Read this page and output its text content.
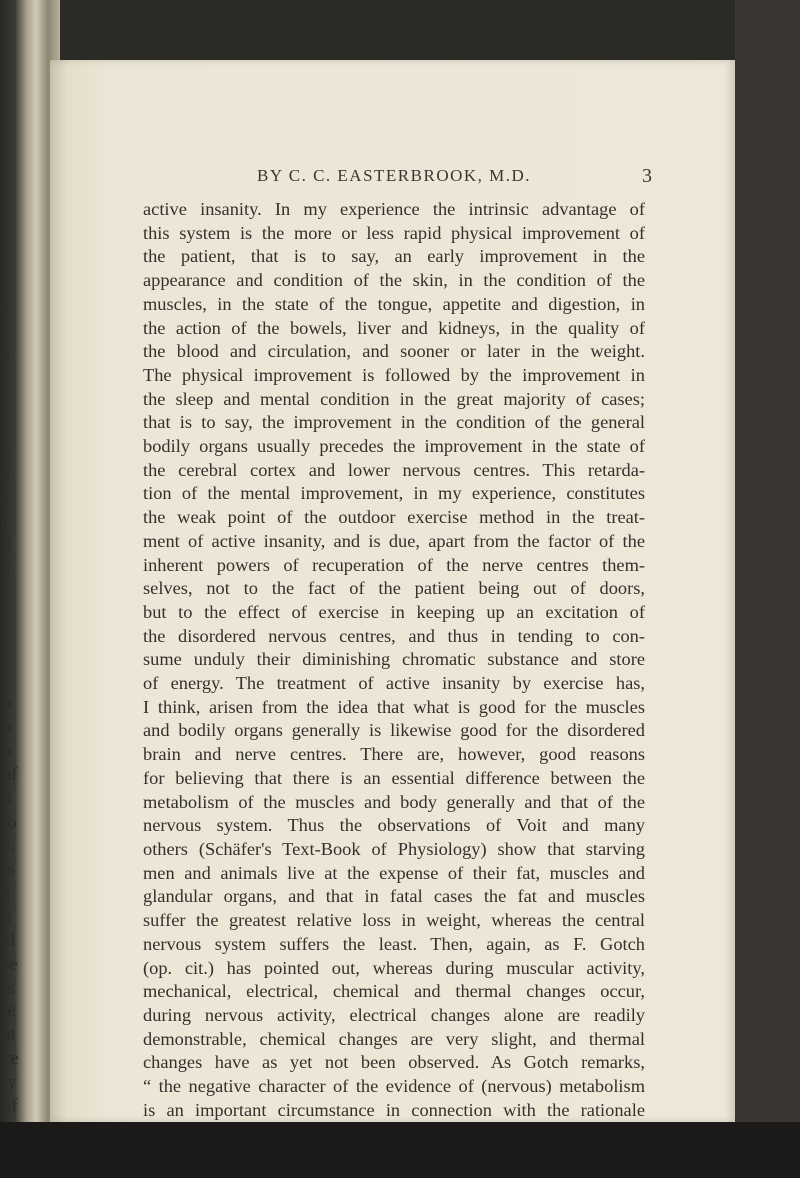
t
l
t
-
)
t
s
f
t
l
r,
y
)
f
d
e
-
n
n
n
of
it
io
e,
is
a
h
al
se
is
ie
at
ce
ly
of
BY C. C. EASTERBROOK, M.D.	3
active insanity. In my experience the intrinsic advantage of
this system is the more or less rapid physical improvement of
the patient, that is to say, an early improvement in the
appearance and condition of the skin, in the condition of the
muscles, in the state of the tongue, appetite and digestion, in
the action of the bowels, liver and kidneys, in the quality of
the blood and circulation, and sooner or later in the weight.
The physical improvement is followed by the improvement in
the sleep and mental condition in the great majority of cases;
that is to say, the improvement in the condition of the general
bodily organs usually precedes the improvement in the state of
the cerebral cortex and lower nervous centres. This retarda-
tion of the mental improvement, in my experience, constitutes
the weak point of the outdoor exercise method in the treat-
ment of active insanity, and is due, apart from the factor of the
inherent powers of recuperation of the nerve centres them-
selves, not to the fact of the patient being out of doors,
but to the effect of exercise in keeping up an excitation of
the disordered nervous centres, and thus in tending to con-
sume unduly their diminishing chromatic substance and store
of energy. The treatment of active insanity by exercise has,
I think, arisen from the idea that what is good for the muscles
and bodily organs generally is likewise good for the disordered
brain and nerve centres. There are, however, good reasons
for believing that there is an essential difference between the
metabolism of the muscles and body generally and that of the
nervous system. Thus the observations of Voit and many
others (Schäfer's Text-Book of Physiology) show that starving
men and animals live at the expense of their fat, muscles and
glandular organs, and that in fatal cases the fat and muscles
suffer the greatest relative loss in weight, whereas the central
nervous system suffers the least. Then, again, as F. Gotch
(op. cit.) has pointed out, whereas during muscular activity,
mechanical, electrical, chemical and thermal changes occur,
during nervous activity, electrical changes alone are readily
demonstrable, chemical changes are very slight, and thermal
changes have as yet not been observed. As Gotch remarks,
“ the negative character of the evidence of (nervous) metabolism
is an important circumstance in connection with the rationale
